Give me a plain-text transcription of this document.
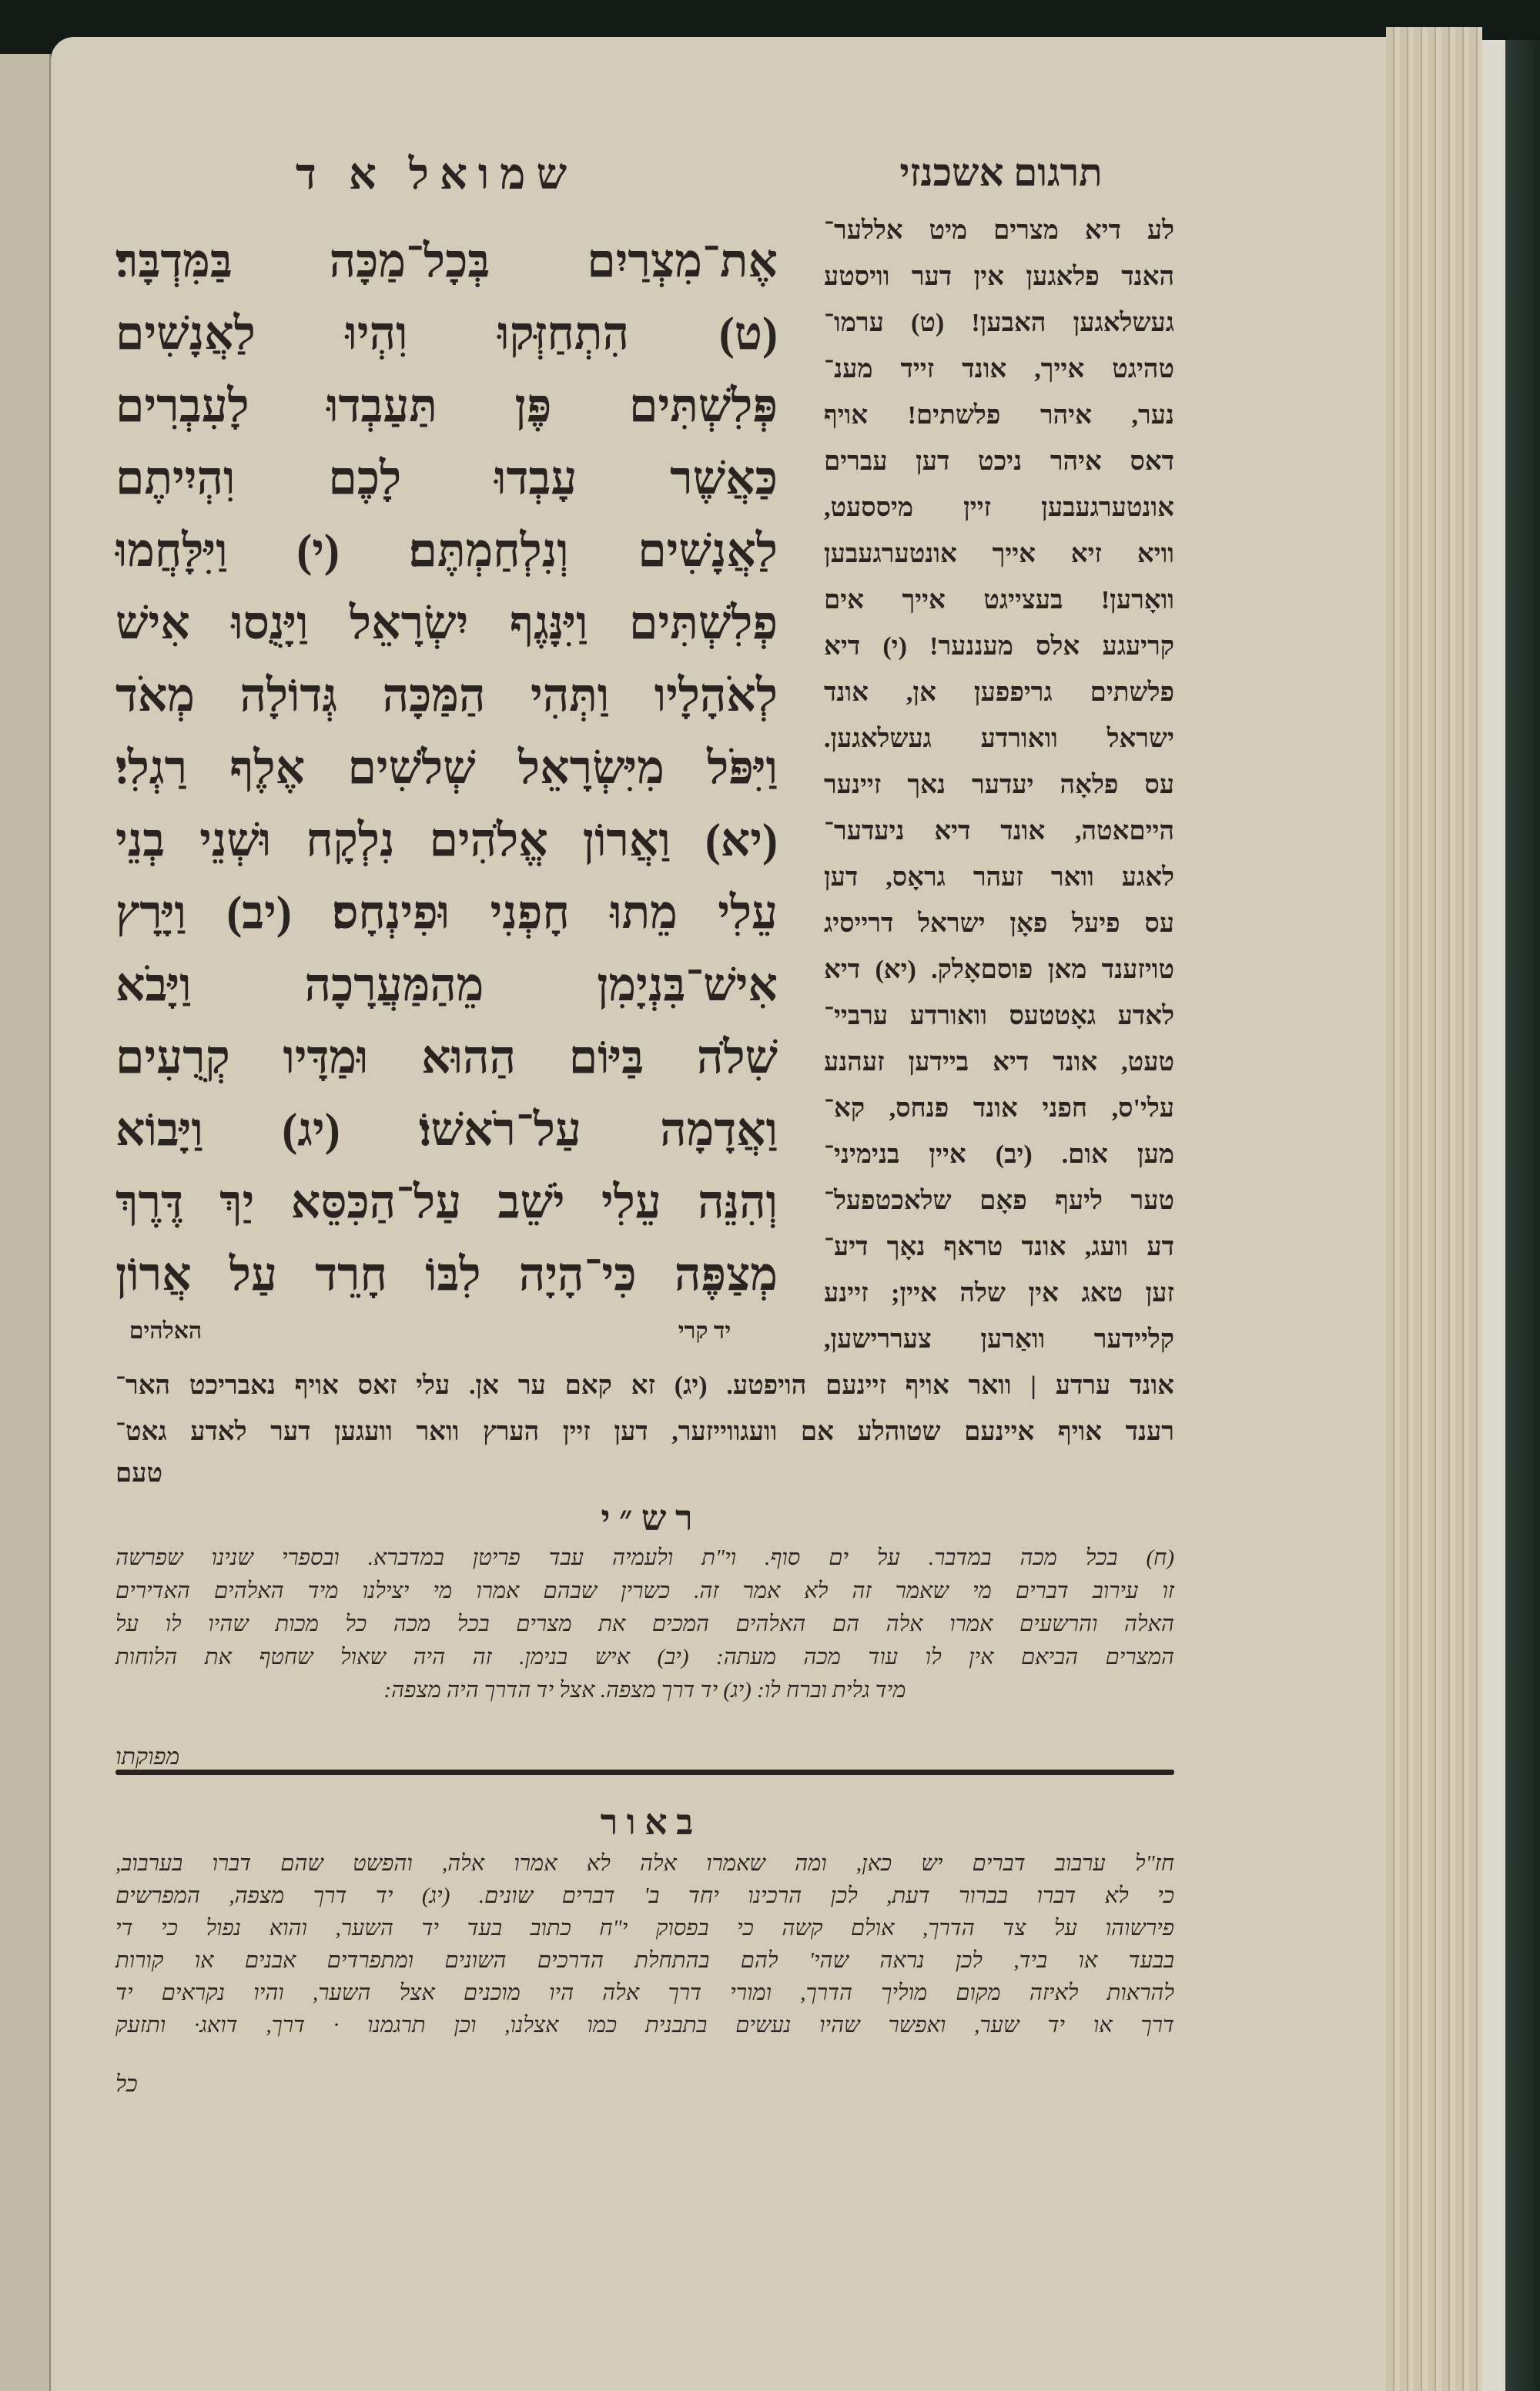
ש מ ו א ל   א   ד	תרגום אשכנזי
אֶת־מִצְרַיִם בְּכָל־מַכָּה בַּמִּדְבָּר׃
(ט) הִתְחַזְּקוּ וִהְיוּ לַאֲנָשִׁים
פְּלִשְׁתִּים פֶּן תַּעַבְדוּ לָעִבְרִים
כַּאֲשֶׁר עָבְדוּ לָכֶם וִהְיִיתֶם
לַאֲנָשִׁים וְנִלְחַמְתֶּם׃ (י) וַיִּלָּחֲמוּ
פְלִשְׁתִּים וַיִּנָּגֶף יִשְׂרָאֵל וַיָּנֻסוּ אִישׁ
לְאֹהָלָיו וַתְּהִי הַמַּכָּה גְּדוֹלָה מְאֹד
וַיִּפֹּל מִיִּשְׂרָאֵל שְׁלֹשִׁים אֶלֶף רַגְלִי׃
(יא) וַאֲרוֹן אֱלֹהִים נִלְקָח וּשְׁנֵי בְנֵי
עֵלִי מֵתוּ חָפְנִי וּפִינְחָס׃ (יב) וַיָּרָץ
אִישׁ־בִּנְיָמִן מֵהַמַּעֲרָכָה וַיָּבֹא
שִׁלֹה בַּיּוֹם הַהוּא וּמַדָּיו קְרֻעִים
וַאֲדָמָה עַל־רֹאשׁוֹ׃ (יג) וַיָּבוֹא
וְהִנֵּה עֵלִי יֹשֵׁב עַל־הַכִּסֵּא יַךְ דֶּרֶךְ
מְצַפֶּה כִּי־הָיָה לִבּוֹ חָרֵד עַל אֲרוֹן
יד קרי
האלהים
לע דיא מצרים מיט אללער־
האנד פלאגען אין דער וויסטע
געשלאגען האבען! (ט) ערמו־
טהיגט אייך, אונד זייד מענ־
נער, איהר פלשתים! אויף
דאס איהר ניכט דען עברים
אונטערגעבען זיין מיססעט,
וויא זיא אייך אונטערגעבען
וואָרען! בעצייגט אייך אים
קריעגע אלס מעננער! (י) דיא
פלשתים גריפפען אן, אונד
ישראל וואורדע געשלאגען.
עס פלאָה יעדער נאך זיינער
הייםאטה, אונד דיא ניעדער־
לאגע וואר זעהר גראָס, דען
עס פיעל פאָן ישראל דרייסיג
טויזענד מאן פוסםאָלק. (יא) דיא
לאדע גאָטטעס וואורדע ערביי־
טעט, אונד דיא ביידען זעהנע
עלי'ס, חפני אונד פנחס, קא־
מען אום. (יב) איין בנימיני־
טער ליעף פאָם שלאכטפעל־
דע וועג, אונד טראף נאָך דיע־
זען טאג אין שלה איין; זיינע
קליידער וואַרען צעררישען,
אונד ערדע | וואר אויף זיינעם הויפטע. (יג) זא קאם ער אן. עלי זאס אויף נאבריכט האר־
רענד אויף איינעם שטוהלע אם וועגווייזער, דען זיין הערץ וואר וועגען דער לאדע גאט־
טעם
ר ש ״ י
(ח) בכל מכה במדבר. על ים סוף. וי"ת ולעמיה עבד פריטן במדברא. ובספרי שנינו שפרשה
זו עירוב דברים מי שאמר זה לא אמר זה. כשרין שבהם אמרו מי יצילנו מיד האלהים האדירים
האלה והרשעים אמרו אלה הם האלהים המכים את מצרים בכל מכה כל מכות שהיו לו על
המצרים הביאם אין לו עוד מכה מעתה: (יב) איש בנימן. זה היה שאול שחטף את הלוחות
מיד גלית וברח לו: (יג) יד דרך מצפה. אצל יד הדרך היה מצפה:
מפוקתו
ב א ו ר
חז"ל ערבוב דברים יש כאן, ומה שאמרו אלה לא אמרו אלה, והפשט שהם דברו בערבוב,
כי לא דברו בברור דעת, לכן הרכינו יחד ב' דברים שונים. (יג) יד דרך מצפה, המפרשים
פירשוהו על צד הדרך, אולם קשה כי בפסוק י"ח כתוב בעד יד השער, והוא נפול כי די
בבעד או ביד, לכן נראה שהי' להם בהתחלת הדרכים השונים ומתפרדים אבנים או קורות
להראות לאיזה מקום מוליך הדרך, ומורי דרך אלה היו מוכנים אצל השער, והיו נקראים יד
דרך או יד שער, ואפשר שהיו נעשים בתבנית כמו אצלנו, וכן תרגמנו · דרך, דואג· ותזעק
כל
